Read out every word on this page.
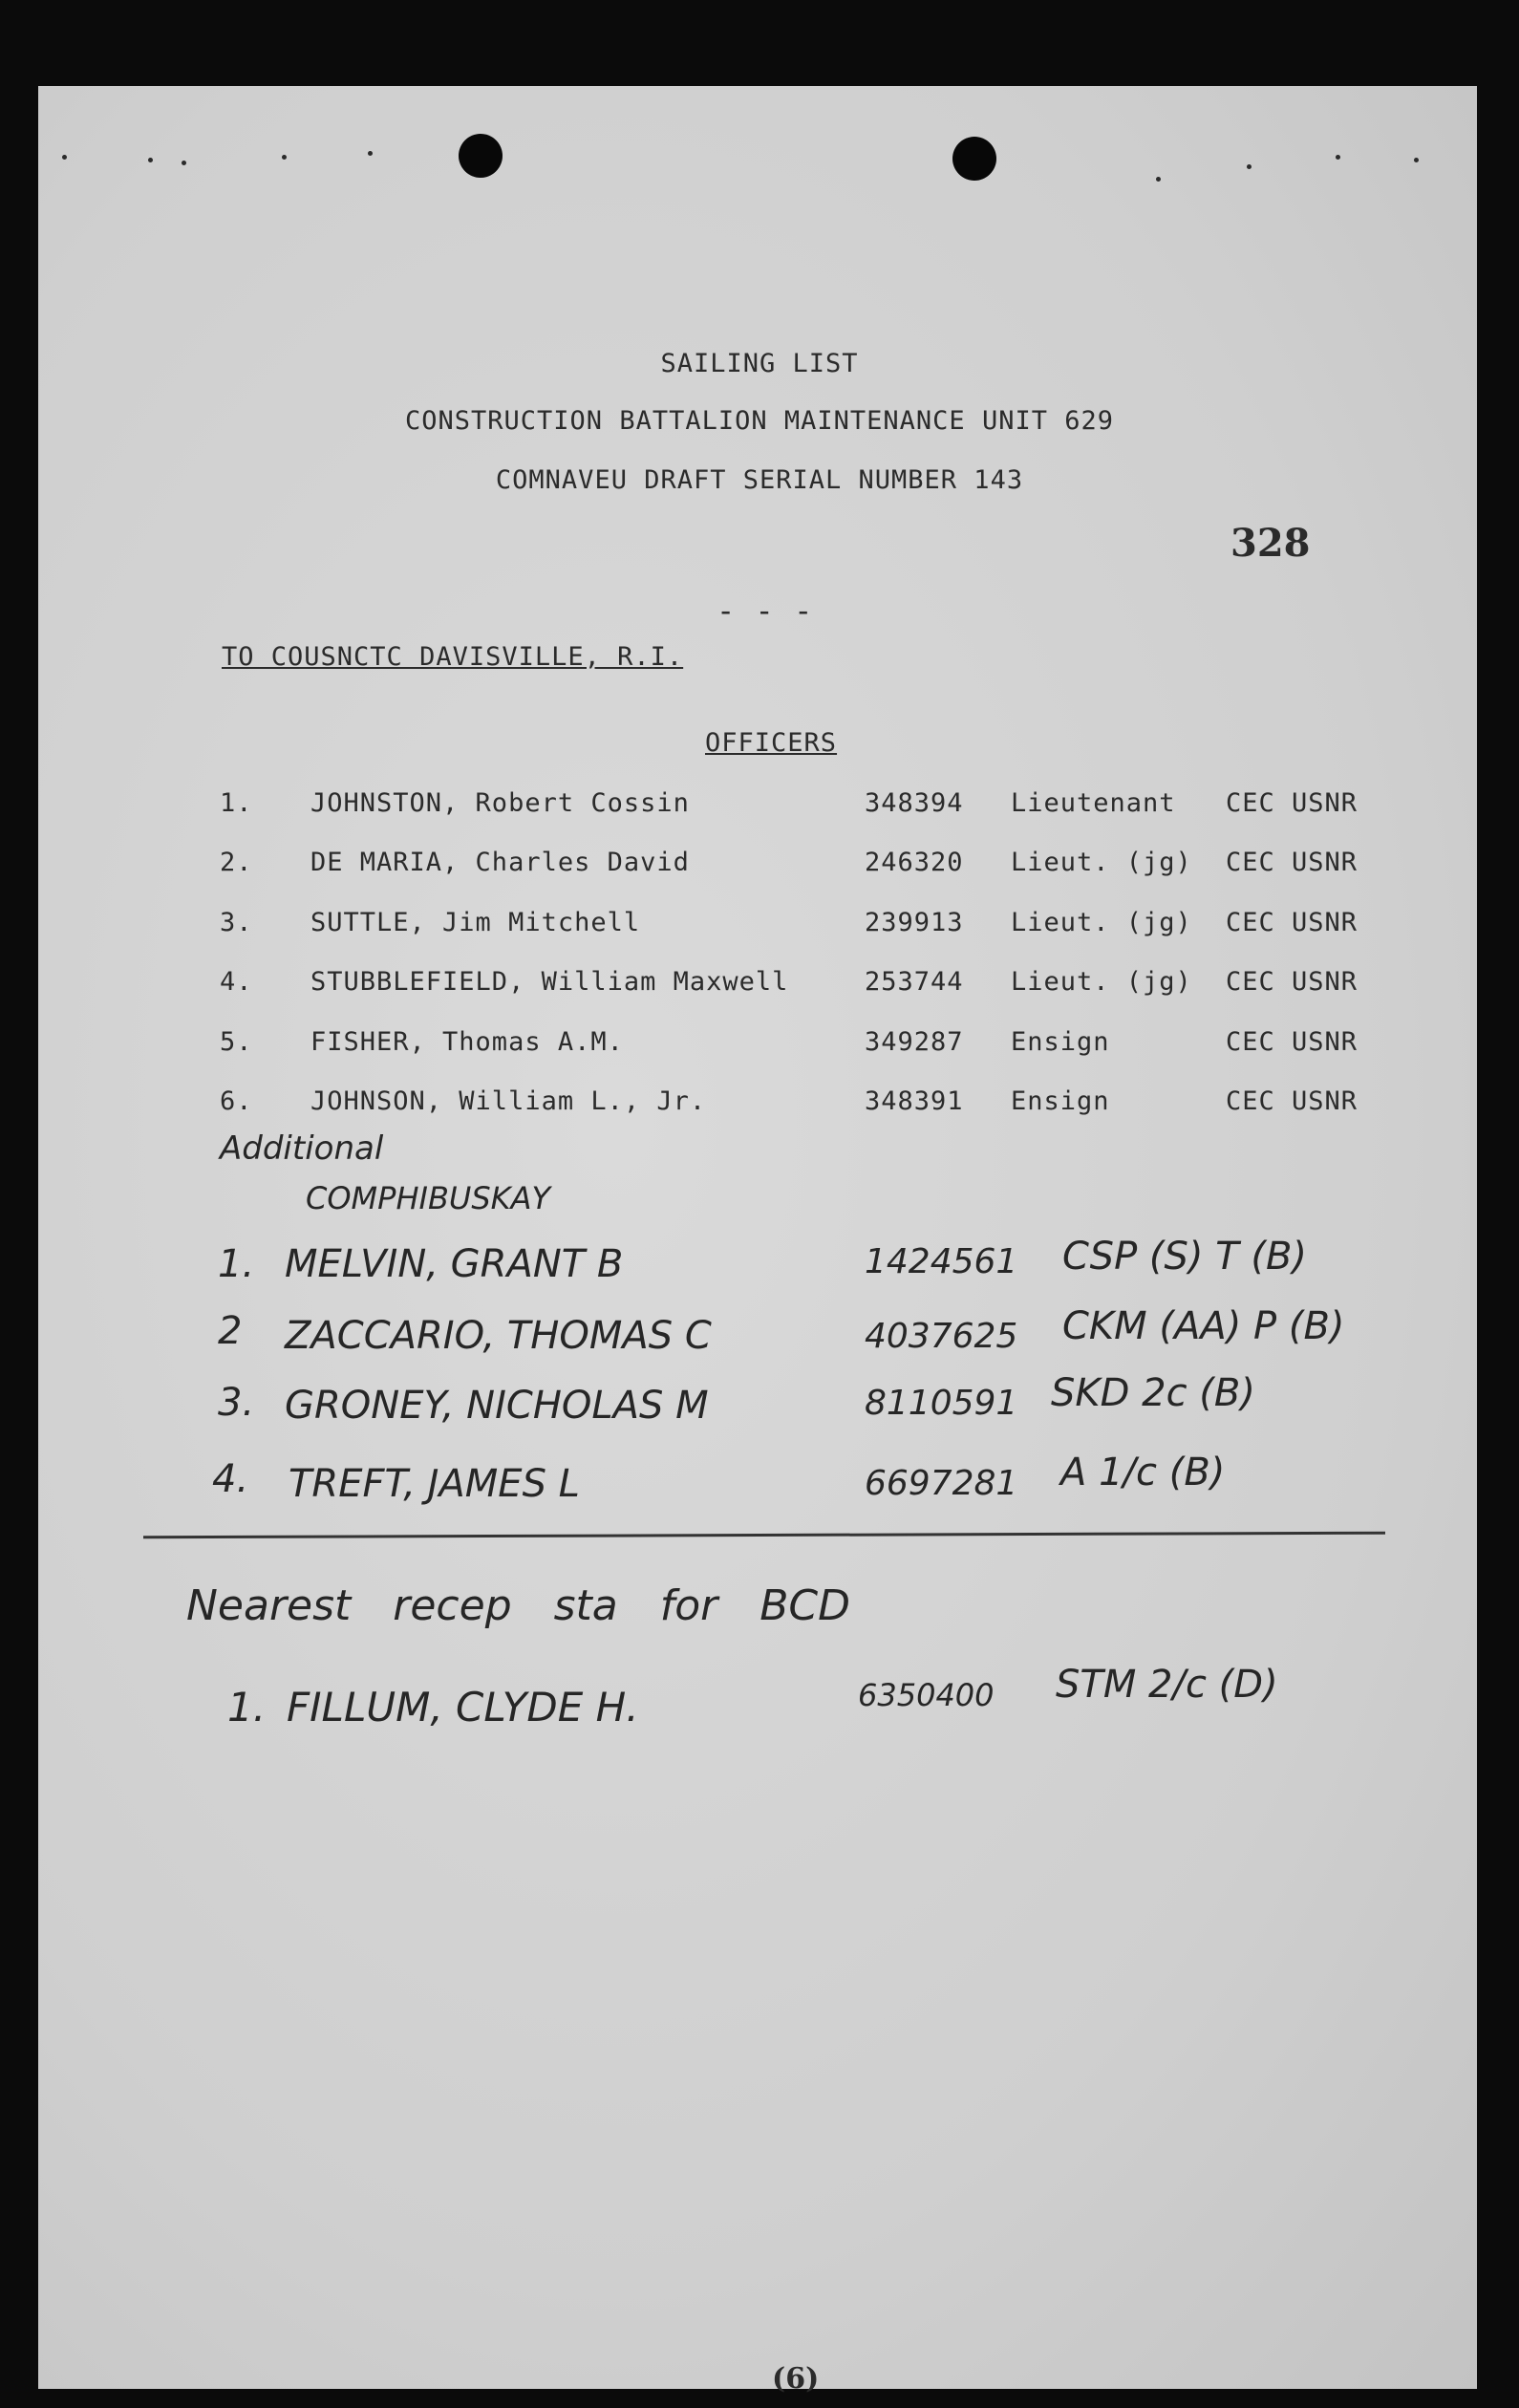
SAILING LIST
CONSTRUCTION BATTALION MAINTENANCE UNIT 629
COMNAVEU DRAFT SERIAL NUMBER 143
328
- - -
TO COUSNCTC DAVISVILLE, R.I.
OFFICERS
1. JOHNSTON, Robert Cossin	348394 Lieutenant CEC USNR
2. DE MARIA, Charles David	246320 Lieut. (jg) CEC USNR
3. SUTTLE, Jim Mitchell	239913 Lieut. (jg) CEC USNR
4. STUBBLEFIELD, William Maxwell	253744 Lieut. (jg) CEC USNR
5. FISHER, Thomas A.M.	349287 Ensign	CEC USNR
6. JOHNSON, William L., Jr.	348391 Ensign	CEC USNR
Additional
COMPHIBUSKAY
1. MELVIN, GRANT B	1424561 CSP (S) T (B)
2 ZACCARIO, THOMAS C	4037625 CKM (AA) P (B)
3. GRONEY, NICHOLAS M	8110591 SKD 2c (B)
4. TREFT, JAMES L	6697281 A 1/c (B)
Nearest recep sta for BCD
1. FILLUM, CLYDE H.	6350400 STM 2/c (D)
(6)
